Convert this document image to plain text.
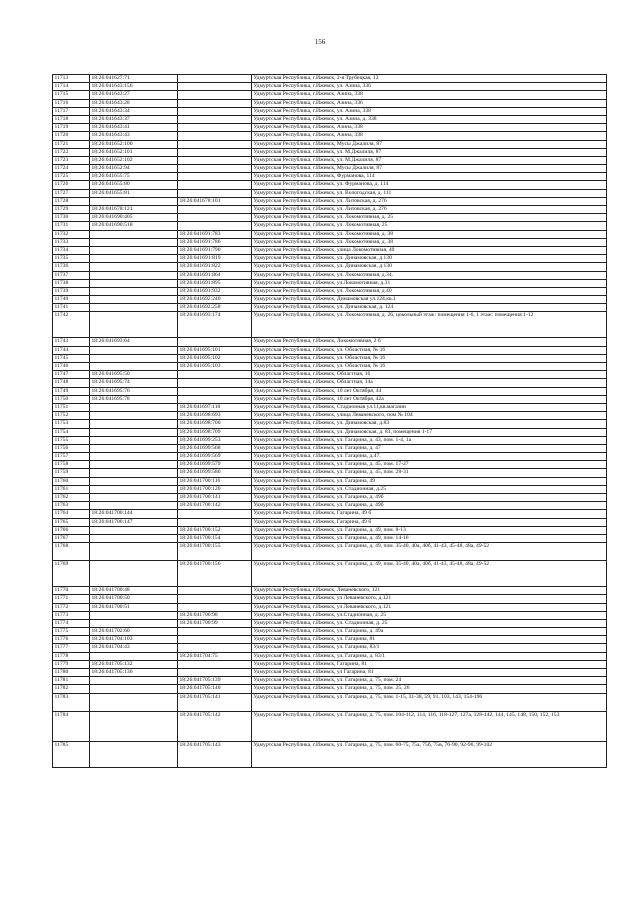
156
11713	18:26:041627:71		Удмуртская Республика, г.Ижевск, 2-я Трубецкая, 12
11714	18:26:041643:156		Удмуртская Республика, г.Ижевск, ул. Азина, 336
11715	18:26:041643:27		Удмуртская Республика, г.Ижевск, Азина, 338
11716	18:26:041643:28		Удмуртская Республика, г.Ижевск, Азина, 336
11717	18:26:041643:34		Удмуртская Республика, г.Ижевск, ул. Азина, 338
11718	18:26:041643:37		Удмуртская Республика, г.Ижевск, ул. Азина, д. 338
11719	18:26:041643:41		Удмуртская Республика, г.Ижевск, Азина, 338
11720	18:26:041643:43		Удмуртская Республика, г.Ижевск, Азина, 338
11721	18:26:041652:100		Удмуртская Республика, г.Ижевск, Мусы Джалиля, 87
11722	18:26:041652:101		Удмуртская Республика, г.Ижевск, ул. М.Джалиля, 87
11723	18:26:041652:102		Удмуртская Республика, г.Ижевск, ул. М.Джалиля, 87
11724	18:26:041652:94		Удмуртская Республика, г.Ижевск, Мусы Джалиля, 87
11725	18:26:041655:75		Удмуртская Республика, г.Ижевск, Фурманова, 114
11726	18:26:041655:80		Удмуртская Республика, г.Ижевск, ул. Фурманова, д. 114
11727	18:26:041655:81		Удмуртская Республика, г.Ижевск, ул. Вологодская, д. 111
11728		18:26:041678:101	Удмуртская Республика, г.Ижевск, ул. Литовская, д. 276
11729	18:26:041678:121		Удмуртская Республика, г.Ижевск, ул. Литовская, д. 276
11730	18:26:041690:405		Удмуртская Республика, г.Ижевск, ул. Локомотивная, д. 25
11731	18:26:041690:518		Удмуртская Республика, г.Ижевск, ул. Локомотивная, 25
11732		18:26:041691:783	Удмуртская Республика, г.Ижевск, ул. Локомотивная, д. 38
11733		18:26:041691:786	Удмуртская Республика, г.Ижевск, ул. Локомотивная, д. 38
11734		18:26:041691:790	Удмуртская Республика, г.Ижевск, улица Локомотивная, 40
11735		18:26:041691:819	Удмуртская Республика, г.Ижевск, ул. Динамовская, д.130
11736		18:26:041691:822	Удмуртская Республика, г.Ижевск, ул. Динамовская, д.130
11737		18:26:041691:864	Удмуртская Республика, г.Ижевск, ул. Локомотивная, д.34.
11738		18:26:041691:895	Удмуртская Республика, г.Ижевск, ул.Локомотивная, д.31
11739		18:26:041691:932	Удмуртская Республика, г.Ижевск, ул. Локомотивная, д.40
11740		18:26:041692:240	Удмуртская Республика, г.Ижевск, Динамовская ул.124,кв.1
11741		18:26:041692:258	Удмуртская Республика, г.Ижевск, ул. Динамовская, д. 124
11742		18:26:041693:174	Удмуртская Республика, г.Ижевск, ул. Локомотивная, д. 26, цокольный этаж: помещения 1-6, 1 этаж: помещения 1-12
11743	18:26:041693:64		Удмуртская Республика, г.Ижевск, Локомотивная, 2 б
11744		18:26:041695:101	Удмуртская Республика, г.Ижевск, ул. Областная, № 16
11745		18:26:041695:102	Удмуртская Республика, г.Ижевск, ул. Областная, № 16
11746		18:26:041695:103	Удмуртская Республика, г.Ижевск, ул. Областная, № 16
11747	18:26:041695:50		Удмуртская Республика, г.Ижевск, Областная, 16
11748	18:26:041695:74		Удмуртская Республика, г.Ижевск, Областная, 14а
11749	18:26:041695:76		Удмуртская Республика, г.Ижевск, 10 лет Октября, 44
11750	18:26:041695:78		Удмуртская Республика, г.Ижевск, 10 лет Октября, 42а
11751		18:26:041697:110	Удмуртская Республика, г.Ижевск, Стадионная ул.11,кв.магазин
11752		18:26:041698:693	Удмуртская Республика, г.Ижевск, улица Леваневского, пом № 104
11753		18:26:041698:700	Удмуртская Республика, г.Ижевск, ул. Динамовская, д.83
11754		18:26:041698:709	Удмуртская Республика, г.Ижевск, ул. Динамовская, д. 83, помещения 1-17
11755		18:26:041699:253	Удмуртская Республика, г.Ижевск, ул. Гагарина, д. 43, пом. 1-4, 1а
11756		18:26:041699:568	Удмуртская Республика, г.Ижевск, ул. Гагарина, д. 47
11757		18:26:041699:569	Удмуртская Республика, г.Ижевск, ул. Гагарина, д.47.
11758		18:26:041699:579	Удмуртская Республика, г.Ижевск, ул. Гагарина, д. 45, пом. 17-27
11759		18:26:041699:580	Удмуртская Республика, г.Ижевск, ул. Гагарина, д. 45, пом. 28-31
11760		18:26:041700:116	Удмуртская Республика, г.Ижевск, ул. Гагарина, 49
11761		18:26:041700:120	Удмуртская Республика, г.Ижевск, ул. Стадионная, д.25
11762		18:26:041700:141	Удмуртская Республика, г.Ижевск, ул. Гагарина, д. 49б
11763		18:26:041700:142	Удмуртская Республика, г.Ижевск, ул. Гагарина, д. 49б
11764	18:26:041700:144		Удмуртская Республика, г.Ижевск, Гагарина, 49 б
11765	18:26:041700:147		Удмуртская Республика, г.Ижевск, Гагарина, 49 б
11766		18:26:041700:152	Удмуртская Республика, г.Ижевск, ул. Гагарина, д. 49, пом. 8-13
11767		18:26:041700:154	Удмуртская Республика, г.Ижевск, ул. Гагарина, д. 49, пом. 14-16
11768		18:26:041700:155	Удмуртская Республика, г.Ижевск, ул. Гагарина, д. 49, пом. 35-40, 40а, 40б, 41-43, 45-48, 48а, 49-52
11769		18:26:041700:156	Удмуртская Республика, г.Ижевск, ул. Гагарина, д. 49, пом. 35-40, 40а, 40б, 41-43, 45-48, 48а, 49-52
11770	18:26:041700:48		Удмуртская Республика, г.Ижевск, Леваневского, 121
11771	18:26:041700:50		Удмуртская Республика, г.Ижевск, ул Леваневского, д.121
11772	18:26:041700:51		Удмуртская Республика, г.Ижевск, ул Леваневского, д.121
11773		18:26:041700:98	Удмуртская Республика, г.Ижевск, ул.Стадионная, д. 25
11774		18:26:041700:99	Удмуртская Республика, г.Ижевск, ул. Стадионная, д. 25
11775	18:26:041702:60		Удмуртская Республика, г.Ижевск, ул. Гагарина, д. 49а
11776	18:26:041704:103		Удмуртская Республика, г.Ижевск, ул. Гагарина, 81
11777	18:26:041704:43		Удмуртская Республика, г.Ижевск, ул. Гагарина, 83/1
11778		18:26:041704:75	Удмуртская Республика, г.Ижевск, ул. Гагарина, д. 83/1
11779	18:26:041705:132		Удмуртская Республика, г.Ижевск, Гагарина, 81
11780	18:26:041705:136		Удмуртская Республика, г.Ижевск, ул Гагарина, 81
11781		18:26:041705:139	Удмуртская Республика, г.Ижевск, ул. Гагарина, д. 75, пом. 24
11782		18:26:041705:140	Удмуртская Республика, г.Ижевск, ул. Гагарина, д. 75, пом. 25, 26
11783		18:26:041705:141	Удмуртская Республика, г.Ижевск, ул. Гагарина, д. 75, пом. 1-15, 31-38, 59, 91, 103, 143, 154-196
11784		18:26:041705:142	Удмуртская Республика, г.Ижевск, ул. Гагарина, д. 75, пом. 104-112, 114, 116, 118-127, 127а, 128-142, 144, 145, 148, 150, 152, 153
11785		18:26:041705:143	Удмуртская Республика, г.Ижевск, ул. Гагарина, д. 75, пом. 60-75, 75а, 75б, 75в, 76-90, 92-96, 99-102
